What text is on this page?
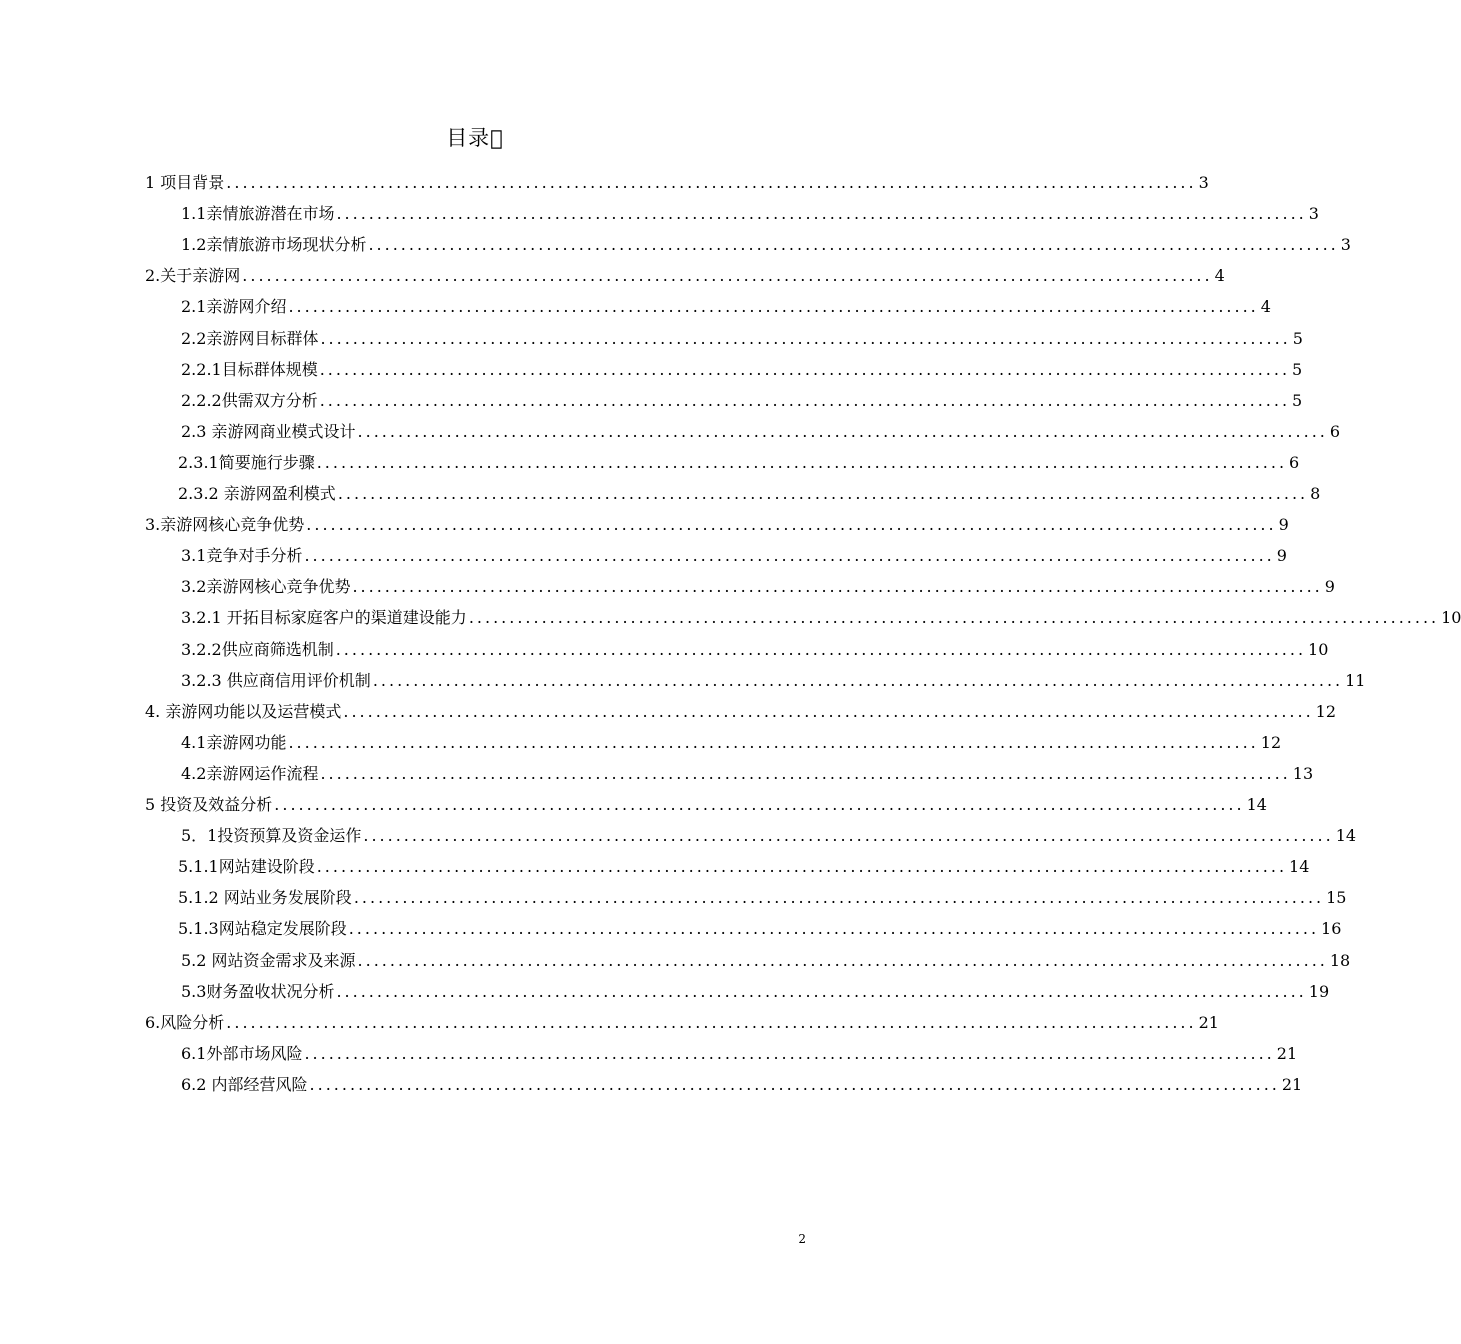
目录 
1 项目背景 ........................................................................................................................ 3
1.1亲情旅游潜在市场 ........................................................................................................................ 3
1.2亲情旅游市场现状分析 ........................................................................................................................ 3
2.关于亲游网 ........................................................................................................................ 4
2.1亲游网介绍 ........................................................................................................................ 4
2.2亲游网目标群体 ........................................................................................................................ 5
2.2.1目标群体规模 ........................................................................................................................ 5
2.2.2供需双方分析 ........................................................................................................................ 5
2.3 亲游网商业模式设计 ........................................................................................................................ 6
2.3.1简要施行步骤 ........................................................................................................................ 6
2.3.2 亲游网盈利模式 ........................................................................................................................ 8
3.亲游网核心竞争优势 ........................................................................................................................ 9
3.1竞争对手分析 ........................................................................................................................ 9
3.2亲游网核心竞争优势 ........................................................................................................................ 9
3.2.1 开拓目标家庭客户的渠道建设能力 ........................................................................................................................ 10
3.2.2供应商筛选机制 ........................................................................................................................ 10
3.2.3 供应商信用评价机制 ........................................................................................................................ 11
4. 亲游网功能以及运营模式 ........................................................................................................................ 12
4.1亲游网功能 ........................................................................................................................ 12
4.2亲游网运作流程 ........................................................................................................................ 13
5 投资及效益分析 ........................................................................................................................ 14
5．1投资预算及资金运作 ........................................................................................................................ 14
5.1.1网站建设阶段 ........................................................................................................................ 14
5.1.2 网站业务发展阶段 ........................................................................................................................ 15
5.1.3网站稳定发展阶段 ........................................................................................................................ 16
5.2 网站资金需求及来源 ........................................................................................................................ 18
5.3财务盈收状况分析 ........................................................................................................................ 19
6.风险分析 ........................................................................................................................ 21
6.1外部市场风险 ........................................................................................................................ 21
6.2 内部经营风险 ........................................................................................................................ 21
2
